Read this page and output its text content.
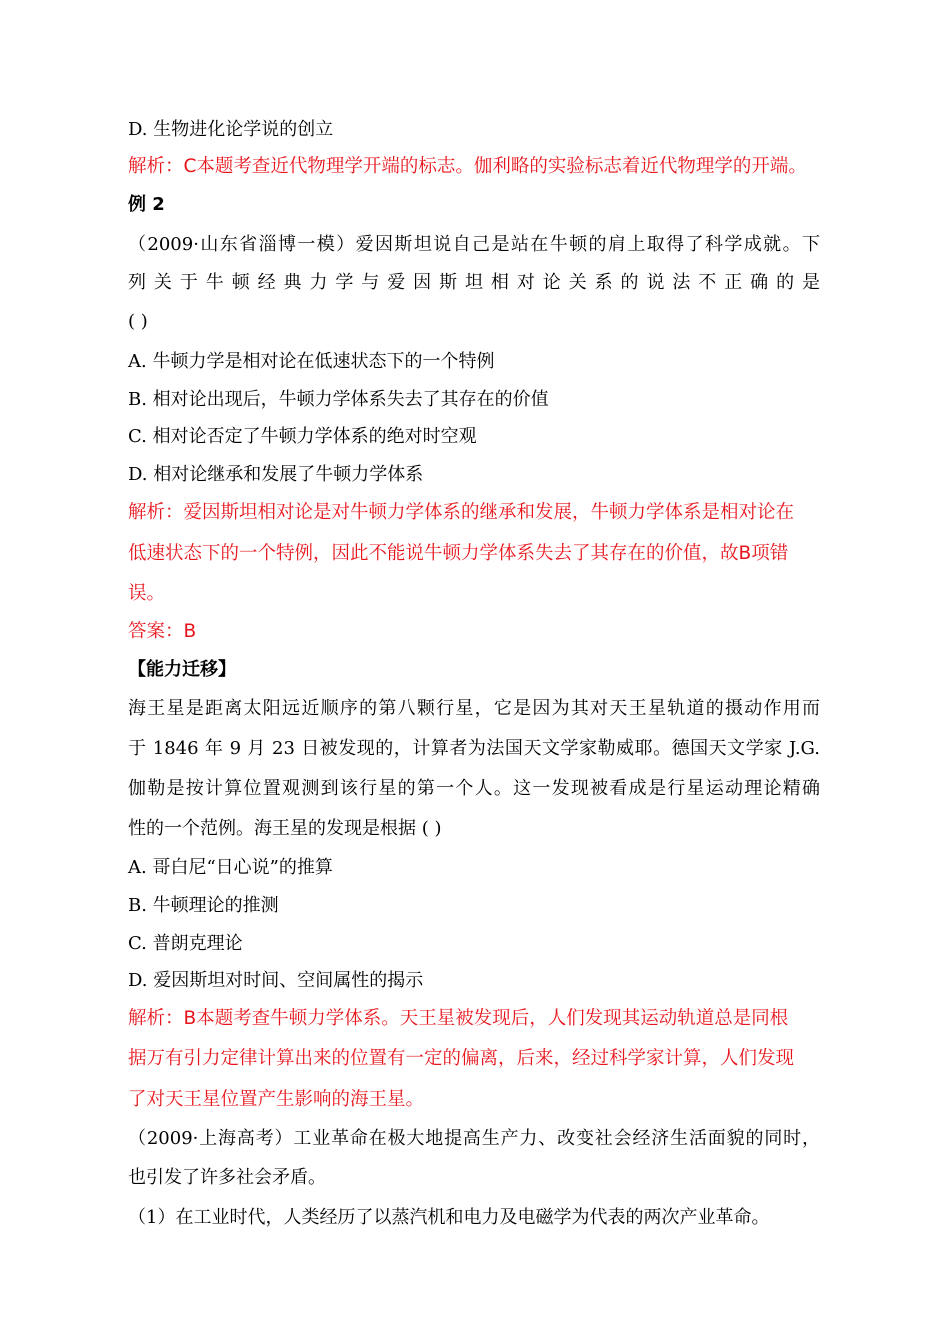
D. 生物进化论学说的创立
解析：C本题考查近代物理学开端的标志。伽利略的实验标志着近代物理学的开端。
例 2
（2009·山东省淄博一模）爱因斯坦说自己是站在牛顿的肩上取得了科学成就。下
列关于牛顿经典力学与爱因斯坦相对论关系的说法不正确的是
( )
A. 牛顿力学是相对论在低速状态下的一个特例
B. 相对论出现后，牛顿力学体系失去了其存在的价值
C. 相对论否定了牛顿力学体系的绝对时空观
D. 相对论继承和发展了牛顿力学体系
解析：爱因斯坦相对论是对牛顿力学体系的继承和发展，牛顿力学体系是相对论在
低速状态下的一个特例，因此不能说牛顿力学体系失去了其存在的价值，故B项错
误。
答案：B
【能力迁移】
海王星是距离太阳远近顺序的第八颗行星，它是因为其对天王星轨道的摄动作用而
于 1846 年 9 月 23 日被发现的，计算者为法国天文学家勒威耶。德国天文学家 J.G.
伽勒是按计算位置观测到该行星的第一个人。这一发现被看成是行星运动理论精确
性的一个范例。海王星的发现是根据 ( )
A. 哥白尼“日心说”的推算
B. 牛顿理论的推测
C. 普朗克理论
D. 爱因斯坦对时间、空间属性的揭示
解析：B本题考查牛顿力学体系。天王星被发现后，人们发现其运动轨道总是同根
据万有引力定律计算出来的位置有一定的偏离，后来，经过科学家计算，人们发现
了对天王星位置产生影响的海王星。
（2009·上海高考）工业革命在极大地提高生产力、改变社会经济生活面貌的同时，
也引发了许多社会矛盾。
（1）在工业时代，人类经历了以蒸汽机和电力及电磁学为代表的两次产业革命。
